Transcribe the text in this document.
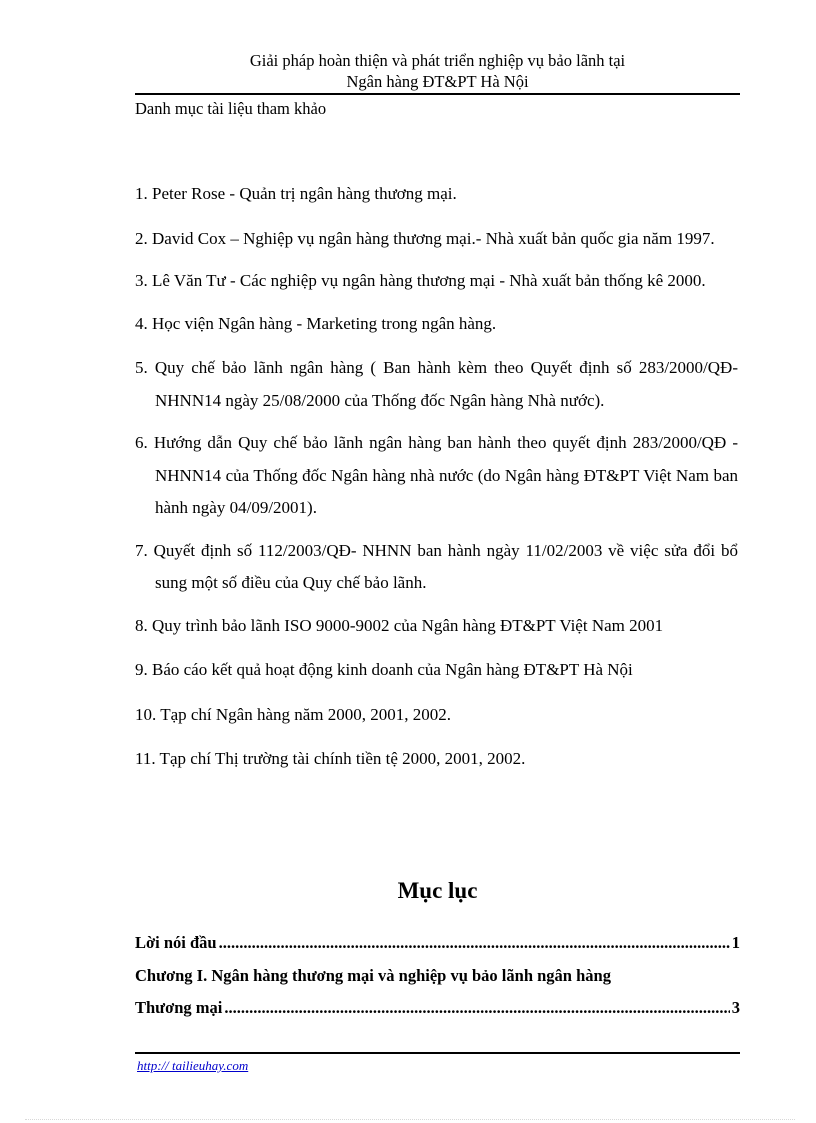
Giải pháp hoàn thiện và phát triển nghiệp vụ bảo lãnh tại
Ngân hàng ĐT&PT Hà Nội
Danh mục tài liệu tham khảo
1. Peter Rose - Quản trị ngân hàng thương mại.
2. David Cox – Nghiệp vụ ngân hàng thương mại.- Nhà xuất bản quốc gia năm 1997.
3. Lê Văn Tư - Các nghiệp vụ ngân hàng thương mại - Nhà xuất bản thống kê 2000.
4. Học viện Ngân hàng - Marketing trong ngân hàng.
5. Quy chế bảo lãnh ngân hàng ( Ban hành kèm theo Quyết định số 283/2000/QĐ-NHNN14 ngày 25/08/2000 của Thống đốc Ngân hàng Nhà nước).
6. Hướng dẫn Quy chế bảo lãnh ngân hàng ban hành theo quyết định 283/2000/QĐ - NHNN14 của Thống đốc Ngân hàng nhà nước (do Ngân hàng ĐT&PT Việt Nam ban hành ngày 04/09/2001).
7. Quyết định số 112/2003/QĐ- NHNN ban hành ngày 11/02/2003 về việc sửa đổi bổ sung một số điều của Quy chế bảo lãnh.
8. Quy trình bảo lãnh ISO 9000-9002 của Ngân hàng ĐT&PT Việt Nam 2001
9. Báo cáo kết quả hoạt động kinh doanh của Ngân hàng ĐT&PT Hà Nội
10. Tạp chí Ngân hàng năm 2000, 2001, 2002.
11. Tạp chí Thị trường tài chính tiền tệ 2000, 2001, 2002.
Mục lục
Lời nói đầu .....	1
Chương I. Ngân hàng thương mại và nghiệp vụ bảo lãnh ngân hàng
Thương mại .....	3
http:// tailieuhay.com
